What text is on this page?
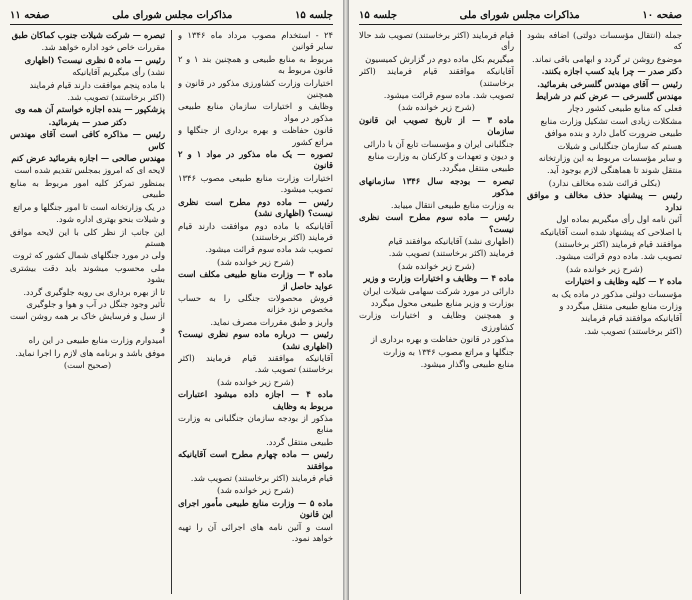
جلسه ۱۵
مذاکرات مجلس شورای ملی
صفحه ۱۱

۲۴ - استخدام مصوب مرداد ماه ۱۳۴۶ و سایر قوانین

مربوط به منابع طبیعی و همچنین بند ۱ و ۲ قانون مربوط به

اختیارات وزارت کشاورزی مذکور در قانون و همچنین

وظایف و اختیارات سازمان منابع طبیعی مذکور در مواد

قانون حفاظت و بهره برداری از جنگلها و مراتع کشور

تصوره — یک ماه مذکور در مواد ۱ و ۲ قانون

اختیارات وزارت منابع طبیعی مصوب ۱۳۴۶ تصویب میشود.

رئیس — ماده دوم مطرح است نظری نیست؟ (اظهاری نشد)

آقایانیکه با ماده دوم موافقت دارند قیام فرمایند (اکثر برخاستند)

تصویب شد ماده سوم قرائت میشود.

(شرح زیر خوانده شد)

ماده ۳ — وزارت منابع طبیعی مکلف است عواید حاصل از

فروش محصولات جنگلی را به حساب مخصوص نزد خزانه

واریز و طبق مقررات مصرف نماید.

رئیس — درباره ماده سوم نظری نیست؟ (اظهاری نشد)

آقایانیکه موافقند قیام فرمایند (اکثر برخاستند) تصویب شد.

(شرح زیر خوانده شد)

ماده ۴ — اجازه داده میشود اعتبارات مربوط به وظایف

مذکور از بودجه سازمان جنگلبانی به وزارت منابع

طبیعی منتقل گردد.

رئیس — ماده چهارم مطرح است آقایانیکه موافقند

قیام فرمایند (اکثر برخاستند) تصویب شد.

(شرح زیر خوانده شد)

ماده ۵ — وزارت منابع طبیعی مأمور اجرای این قانون

است و آئین نامه های اجرائی آن را تهیه خواهد نمود.

تبصره — شرکت شیلات جنوب کماکان طبق

مقررات خاص خود اداره خواهد شد.

رئیس — ماده ۵ نظری نیست؟ (اظهاری

نشد) رأی میگیریم آقایانیکه

با ماده پنجم موافقت دارند قیام فرمایند

(اکثر برخاستند) تصویب شد.

پزشکپور — بنده اجازه خواستم آن همه وی

دکتر صدر — بفرمائید.

رئیس — مذاکره کافی است آقای مهندس کاس

مهندس صالحی — اجازه بفرمائید عرض کنم

لایحه ای که امروز بمجلس تقدیم شده است

بمنظور تمرکز کلیه امور مربوط به منابع طبیعی

در یک وزارتخانه است تا امور جنگلها و مراتع

و شیلات بنحو بهتری اداره شود.

این جانب از نظر کلی با این لایحه موافق هستم

ولی در مورد جنگلهای شمال کشور که ثروت

ملی محسوب میشوند باید دقت بیشتری بشود

تا از بهره برداری بی رویه جلوگیری گردد.

تأثیر وجود جنگل در آب و هوا و جلوگیری

از سیل و فرسایش خاک بر همه روشن است و

امیدوارم وزارت منابع طبیعی در این راه

موفق باشد و برنامه های لازم را اجرا نماید.

(صحیح است)

صفحه ۱۰
مذاکرات مجلس شورای ملی
جلسه ۱۵

جمله (انتقال مؤسسات دولتی) اضافه بشود که

موضوع روشن تر گردد و ابهامی باقی نماند.

دکتر صدر — چرا باید کسب اجازه بکنند.

رئیس — آقای مهندس گلسرخی بفرمائید.

مهندس گلسرخی — عرض کنم در شرایط

فعلی که منابع طبیعی کشور دچار

مشکلات زیادی است تشکیل وزارت منابع

طبیعی ضرورت کامل دارد و بنده موافق

هستم که سازمان جنگلبانی و شیلات

و سایر مؤسسات مربوط به این وزارتخانه

منتقل شوند تا هماهنگی لازم بوجود آید.

(بکلی قرائت شده مخالف ندارد)

رئیس — پیشنهاد حذف مخالف و موافق ندارد

آئین نامه اول رأی میگیریم بماده اول

با اصلاحی که پیشنهاد شده است آقایانیکه

موافقند قیام فرمایند (اکثر برخاستند)

تصویب شد. ماده دوم قرائت میشود.

(شرح زیر خوانده شد)

ماده ۲ — کلیه وظایف و اختیارات

مؤسسات دولتی مذکور در ماده یک به

وزارت منابع طبیعی منتقل میگردد و

آقایانیکه موافقند قیام فرمایند

(اکثر برخاستند) تصویب شد.

قیام فرمایند (اکثر برخاستند) تصویب شد حالا رأی

میگیریم بکل ماده دوم در گزارش کمیسیون

آقایانیکه موافقند قیام فرمایند (اکثر برخاستند)

تصویب شد. ماده سوم قرائت میشود.

(شرح زیر خوانده شد)

ماده ۳ — از تاریخ تصویب این قانون سازمان

جنگلبانی ایران و مؤسسات تابع آن با دارائی

و دیون و تعهدات و کارکنان به وزارت منابع

طبیعی منتقل میگردد.

تبصره — بودجه سال ۱۳۴۶ سازمانهای مذکور

به وزارت منابع طبیعی انتقال مییابد.

رئیس — ماده سوم مطرح است نظری نیست؟

(اظهاری نشد) آقایانیکه موافقند قیام

فرمایند (اکثر برخاستند) تصویب شد.

(شرح زیر خوانده شد)

ماده ۴ — وظایف و اختیارات وزارت و وزیر

دارائی در مورد شرکت سهامی شیلات ایران

بوزارت و وزیر منابع طبیعی محول میگردد

و همچنین وظایف و اختیارات وزارت کشاورزی

مذکور در قانون حفاظت و بهره برداری از

جنگلها و مراتع مصوب ۱۳۴۶ به وزارت

منابع طبیعی واگذار میشود.
